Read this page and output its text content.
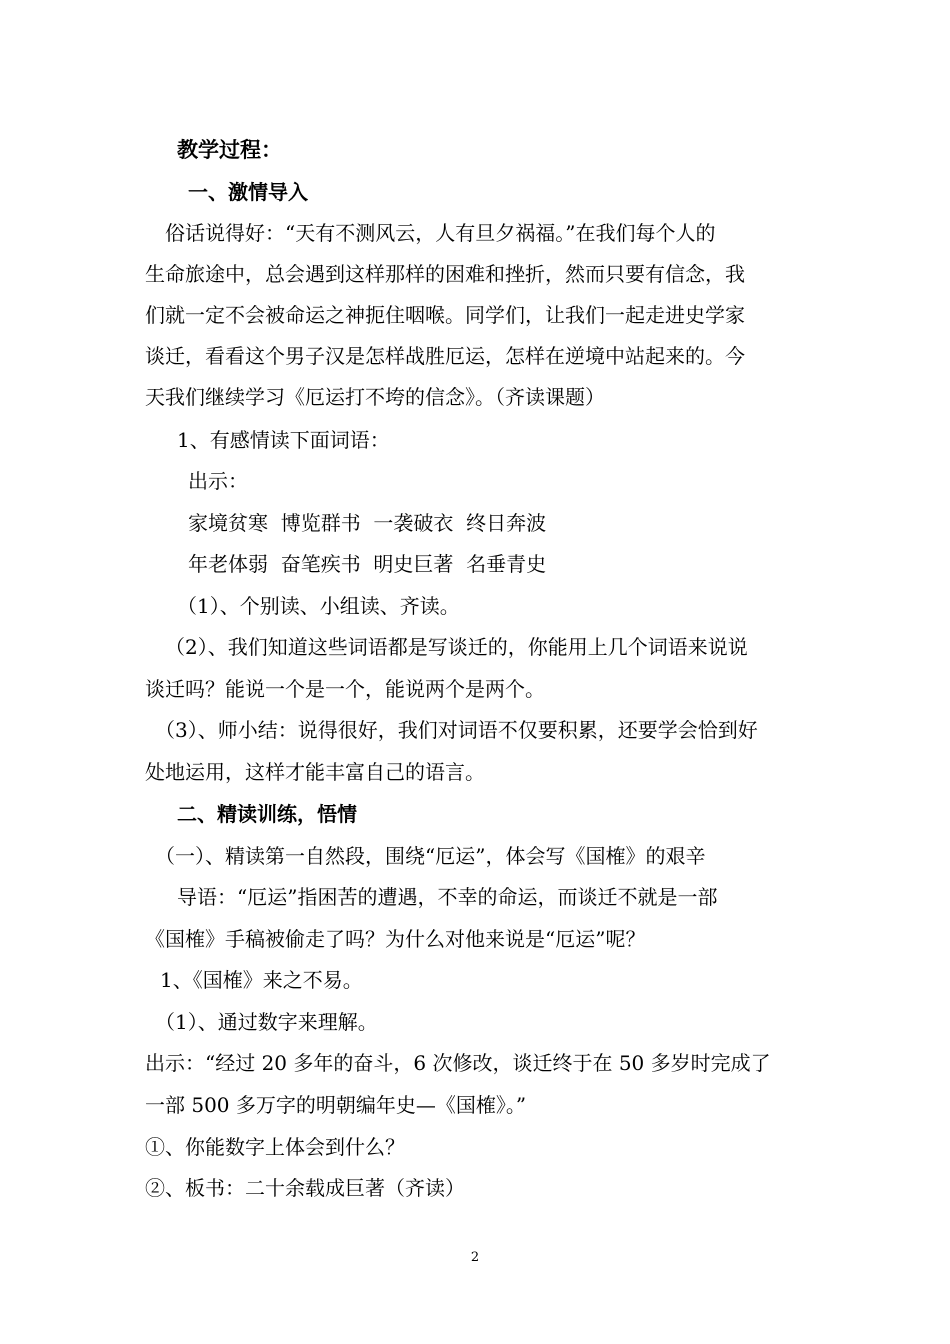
教学过程：
一、激情导入
俗话说得好：“天有不测风云，人有旦夕祸福。”在我们每个人的
生命旅途中，总会遇到这样那样的困难和挫折，然而只要有信念，我
们就一定不会被命运之神扼住咽喉。同学们，让我们一起走进史学家
谈迁，看看这个男子汉是怎样战胜厄运，怎样在逆境中站起来的。今
天我们继续学习《厄运打不垮的信念》。（齐读课题）
1、有感情读下面词语：
出示：
家境贫寒  博览群书  一袭破衣  终日奔波
年老体弱  奋笔疾书  明史巨著  名垂青史
（1）、个别读、小组读、齐读。
（2）、我们知道这些词语都是写谈迁的，你能用上几个词语来说说
谈迁吗？能说一个是一个，能说两个是两个。
（3）、师小结：说得很好，我们对词语不仅要积累，还要学会恰到好
处地运用，这样才能丰富自己的语言。
二、精读训练，悟情
（一）、精读第一自然段，围绕“厄运”，体会写《国榷》的艰辛
导语：“厄运”指困苦的遭遇，不幸的命运，而谈迁不就是一部
《国榷》手稿被偷走了吗？为什么对他来说是“厄运”呢？
1、《国榷》来之不易。
（1）、通过数字来理解。
出示：“经过 20 多年的奋斗，6 次修改，谈迁终于在 50 多岁时完成了
一部 500 多万字的明朝编年史—《国榷》。”
①、你能数字上体会到什么？
②、板书：二十余载成巨著（齐读）
2
